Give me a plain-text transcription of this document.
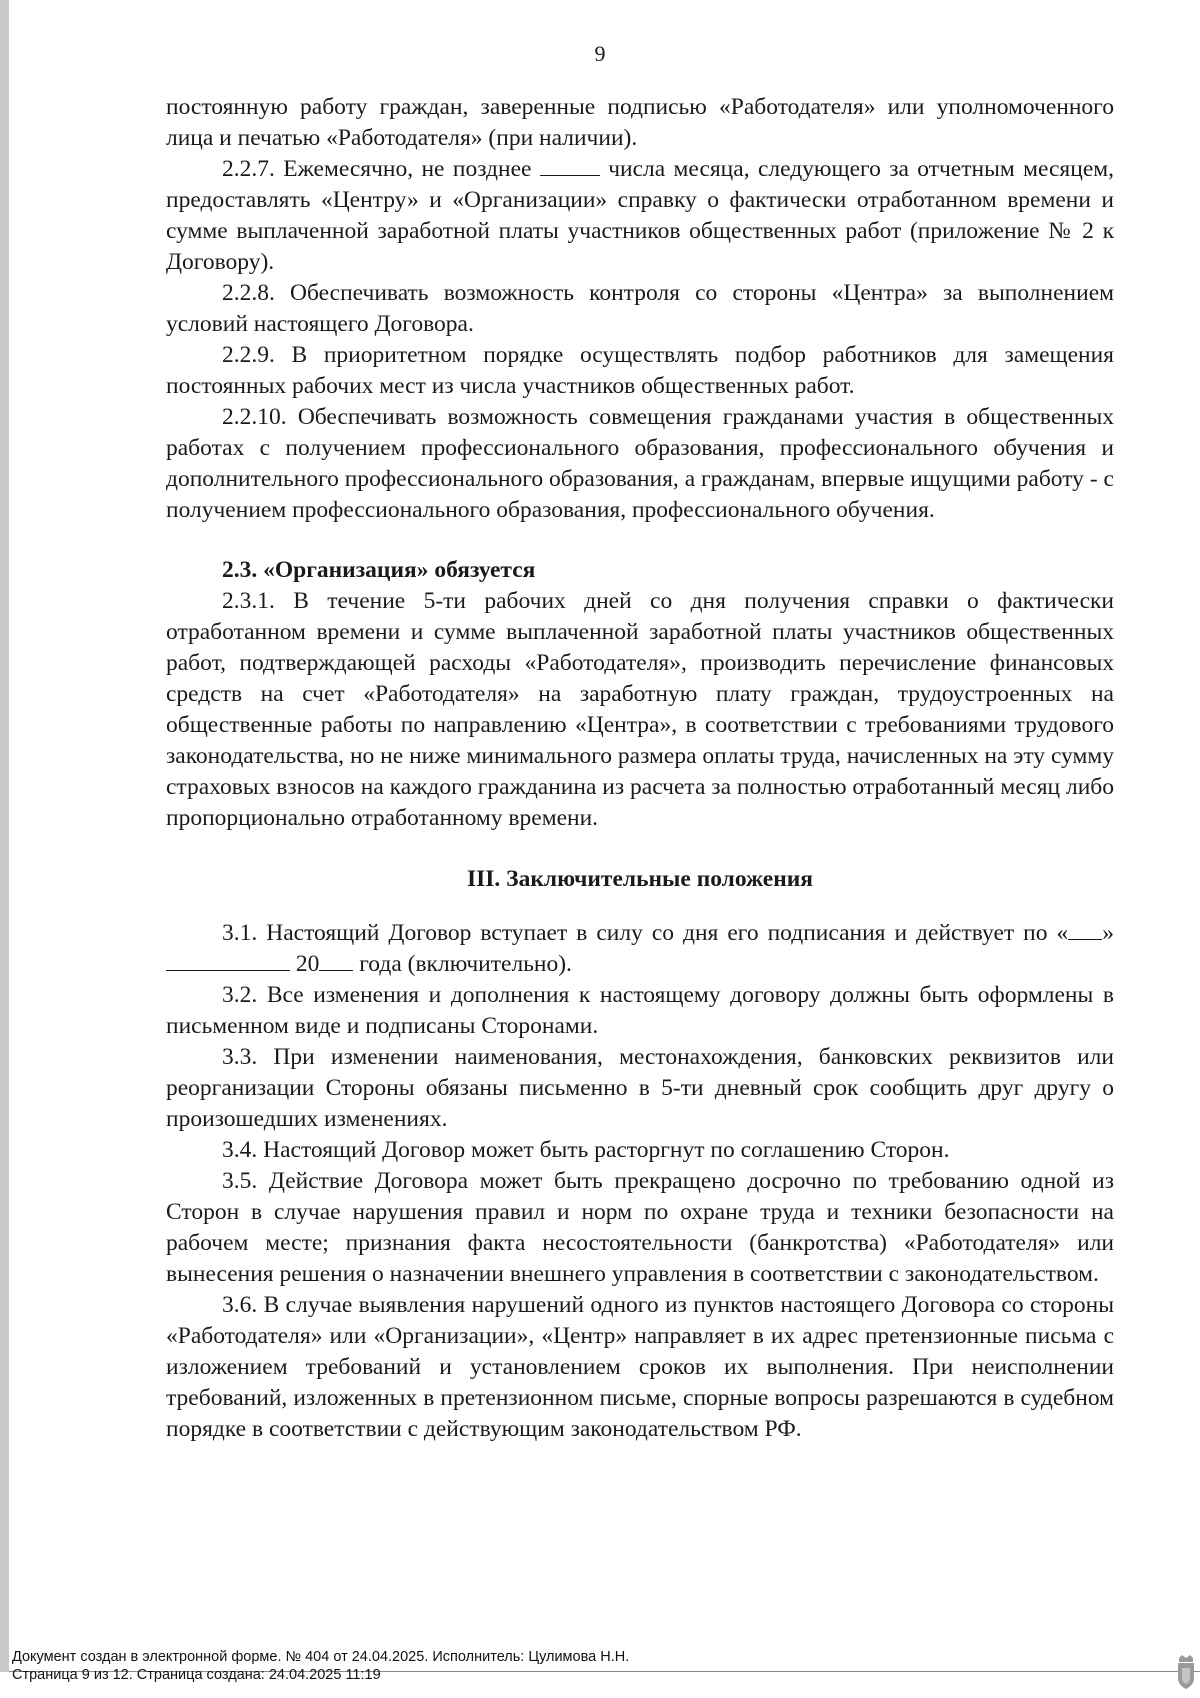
9

постоянную работу граждан, заверенные подписью «Работодателя» или уполномоченного лица и печатью «Работодателя» (при наличии).

2.2.7. Ежемесячно, не позднее	числа месяца, следующего за отчетным месяцем, предоставлять «Центру» и «Организации» справку о фактически отработанном времени и сумме выплаченной заработной платы участников общественных работ (приложение № 2 к Договору).

2.2.8. Обеспечивать возможность контроля со стороны «Центра» за выполнением условий настоящего Договора.

2.2.9. В приоритетном порядке осуществлять подбор работников для замещения постоянных рабочих мест из числа участников общественных работ.

2.2.10. Обеспечивать возможность совмещения гражданами участия в общественных работах с получением профессионального образования, профессионального обучения и дополнительного профессионального образования, а гражданам, впервые ищущими работу - с получением профессионального образования, профессионального обучения.

2.3. «Организация» обязуется

2.3.1. В течение 5-ти рабочих дней со дня получения справки о фактически отработанном времени и сумме выплаченной заработной платы участников общественных работ, подтверждающей расходы «Работодателя», производить перечисление финансовых средств на счет «Работодателя» на заработную плату граждан, трудоустроенных на общественные работы по направлению «Центра», в соответствии с требованиями трудового законодательства, но не ниже минимального размера оплаты труда, начисленных на эту сумму страховых взносов на каждого гражданина из расчета за полностью отработанный месяц либо пропорционально отработанному времени.

III. Заключительные положения

3.1. Настоящий Договор вступает в силу со дня его подписания и действует по « »  20 года (включительно).

3.2. Все изменения и дополнения к настоящему договору должны быть оформлены в письменном виде и подписаны Сторонами.

3.3. При изменении наименования, местонахождения, банковских реквизитов или реорганизации Стороны обязаны письменно в 5-ти дневный срок сообщить друг другу о произошедших изменениях.

3.4. Настоящий Договор может быть расторгнут по соглашению Сторон.

3.5. Действие Договора может быть прекращено досрочно по требованию одной из Сторон в случае нарушения правил и норм по охране труда и техники безопасности на рабочем месте; признания факта несостоятельности (банкротства) «Работодателя» или вынесения решения о назначении внешнего управления в соответствии с законодательством.

3.6. В случае выявления нарушений одного из пунктов настоящего Договора со стороны «Работодателя» или «Организации», «Центр» направляет в их адрес претензионные письма с изложением требований и установлением сроков их выполнения. При неисполнении требований, изложенных в претензионном письме, спорные вопросы разрешаются в судебном порядке в соответствии с действующим законодательством РФ.

Документ создан в электронной форме. № 404 от 24.04.2025. Исполнитель: Цулимова Н.Н.
Страница 9 из 12. Страница создана: 24.04.2025 11:19
